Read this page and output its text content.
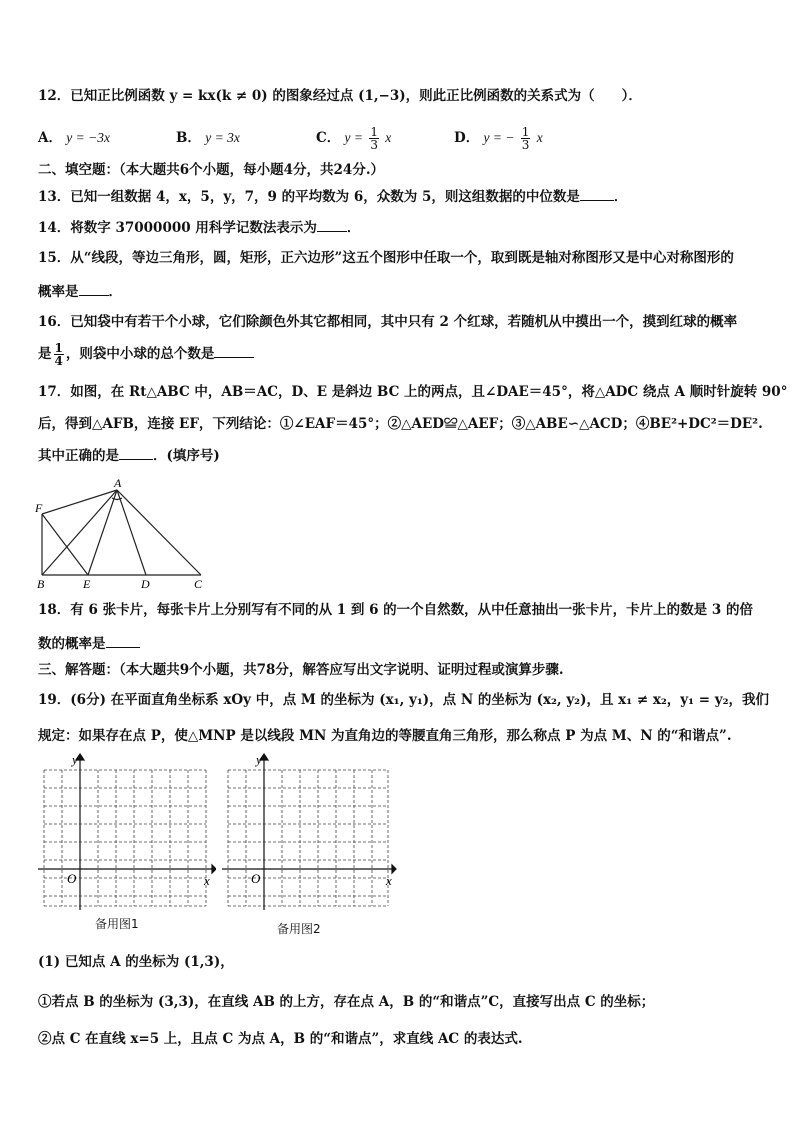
12．已知正比例函数 y = kx(k ≠ 0) 的图象经过点 (1,−3)，则此正比例函数的关系式为（　　）．
A． y = −3x	B． y = 3x	C． $y = \frac{1}{3}$ x	D． y = − $\frac{1}{3}$ x
二、填空题：（本大题共6个小题，每小题4分，共24分.）
13．已知一组数据 4，x，5，y，7，9 的平均数为 6，众数为 5，则这组数据的中位数是	．
14．将数字 37000000 用科学记数法表示为 ．
15．从“线段，等边三角形，圆，矩形，正六边形”这五个图形中任取一个，取到既是轴对称图形又是中心对称图形的
概率是 ．
16．已知袋中有若干个小球，它们除颜色外其它都相同，其中只有 2 个红球，若随机从中摸出一个，摸到红球的概率
是 $\frac{1}{4}$ ，则袋中小球的总个数是
17．如图，在 Rt△ABC 中，AB＝AC，D、E 是斜边 BC 上的两点，且∠DAE＝45°，将△ADC 绕点 A 顺时针旋转 90°
后，得到△AFB，连接 EF，下列结论：①∠EAF＝45°；②△AED≌△AEF；③△ABE∽△ACD；④BE²+DC²＝DE².
其中正确的是	．(填序号)
A
F
B	E	D	C
18．有 6 张卡片，每张卡片上分别写有不同的从 1 到 6 的一个自然数，从中任意抽出一张卡片，卡片上的数是 3 的倍
数的概率是
三、解答题：（本大题共9个小题，共78分，解答应写出文字说明、证明过程或演算步骤.
19．(6分) 在平面直角坐标系 xOy 中，点 M 的坐标为 (x₁, y₁)，点 N 的坐标为 (x₂, y₂)，且 x₁ ≠ x₂，y₁ = y₂，我们
规定：如果存在点 P，使△MNP 是以线段 MN 为直角边的等腰直角三角形，那么称点 P 为点 M、N 的“和谐点”.
O	x
y
备用图1
O	x
y
备用图2
(1) 已知点 A 的坐标为 (1,3)，
①若点 B 的坐标为 (3,3)，在直线 AB 的上方，存在点 A，B 的“和谐点”C，直接写出点 C 的坐标；
②点 C 在直线 x=5 上，且点 C 为点 A，B 的“和谐点”，求直线 AC 的表达式.
